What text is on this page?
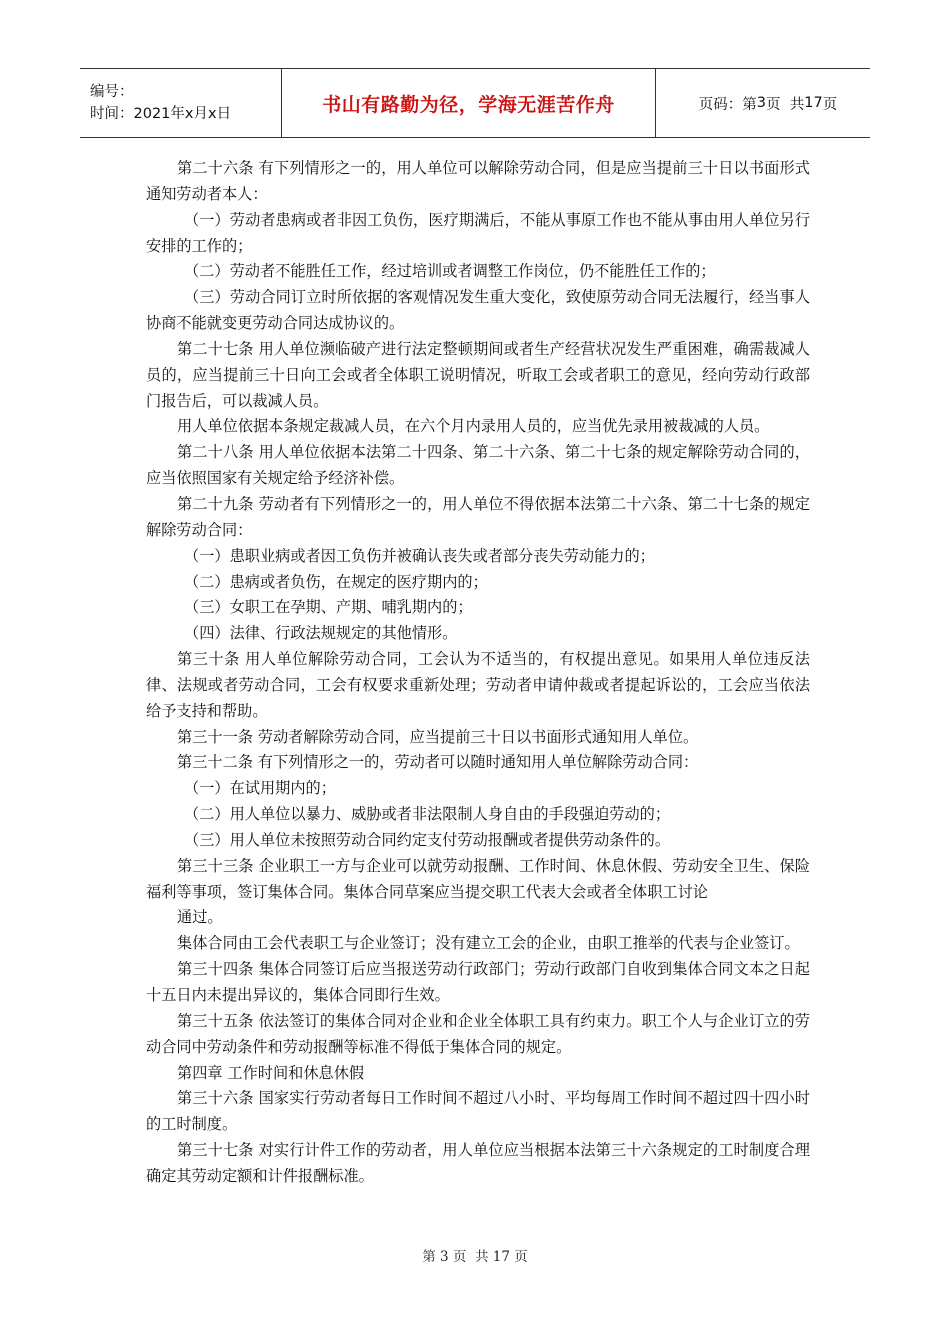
编号：
时间：2021年x月x日	书山有路勤为径，学海无涯苦作舟	页码：第 3 页  共 17 页

第二十六条 有下列情形之一的，用人单位可以解除劳动合同，但是应当提前三十日以书面形式通知劳动者本人：

（一）劳动者患病或者非因工负伤，医疗期满后，不能从事原工作也不能从事由用人单位另行安排的工作的；

（二）劳动者不能胜任工作，经过培训或者调整工作岗位，仍不能胜任工作的；

（三）劳动合同订立时所依据的客观情况发生重大变化，致使原劳动合同无法履行，经当事人协商不能就变更劳动合同达成协议的。

第二十七条 用人单位濒临破产进行法定整顿期间或者生产经营状况发生严重困难，确需裁减人员的，应当提前三十日向工会或者全体职工说明情况，听取工会或者职工的意见，经向劳动行政部门报告后，可以裁减人员。

用人单位依据本条规定裁减人员，在六个月内录用人员的，应当优先录用被裁减的人员。

第二十八条 用人单位依据本法第二十四条、第二十六条、第二十七条的规定解除劳动合同的，应当依照国家有关规定给予经济补偿。

第二十九条 劳动者有下列情形之一的，用人单位不得依据本法第二十六条、第二十七条的规定解除劳动合同：

（一）患职业病或者因工负伤并被确认丧失或者部分丧失劳动能力的；

（二）患病或者负伤，在规定的医疗期内的；

（三）女职工在孕期、产期、哺乳期内的；

（四）法律、行政法规规定的其他情形。

第三十条 用人单位解除劳动合同，工会认为不适当的，有权提出意见。如果用人单位违反法律、法规或者劳动合同，工会有权要求重新处理；劳动者申请仲裁或者提起诉讼的，工会应当依法给予支持和帮助。

第三十一条 劳动者解除劳动合同，应当提前三十日以书面形式通知用人单位。

第三十二条 有下列情形之一的，劳动者可以随时通知用人单位解除劳动合同：

（一）在试用期内的；

（二）用人单位以暴力、威胁或者非法限制人身自由的手段强迫劳动的；

（三）用人单位未按照劳动合同约定支付劳动报酬或者提供劳动条件的。

第三十三条 企业职工一方与企业可以就劳动报酬、工作时间、休息休假、劳动安全卫生、保险福利等事项，签订集体合同。集体合同草案应当提交职工代表大会或者全体职工讨论

通过。

集体合同由工会代表职工与企业签订；没有建立工会的企业，由职工推举的代表与企业签订。

第三十四条 集体合同签订后应当报送劳动行政部门；劳动行政部门自收到集体合同文本之日起十五日内未提出异议的，集体合同即行生效。

第三十五条 依法签订的集体合同对企业和企业全体职工具有约束力。职工个人与企业订立的劳动合同中劳动条件和劳动报酬等标准不得低于集体合同的规定。

第四章 工作时间和休息休假

第三十六条 国家实行劳动者每日工作时间不超过八小时、平均每周工作时间不超过四十四小时的工时制度。

第三十七条 对实行计件工作的劳动者，用人单位应当根据本法第三十六条规定的工时制度合理确定其劳动定额和计件报酬标准。

第 3 页  共 17 页
